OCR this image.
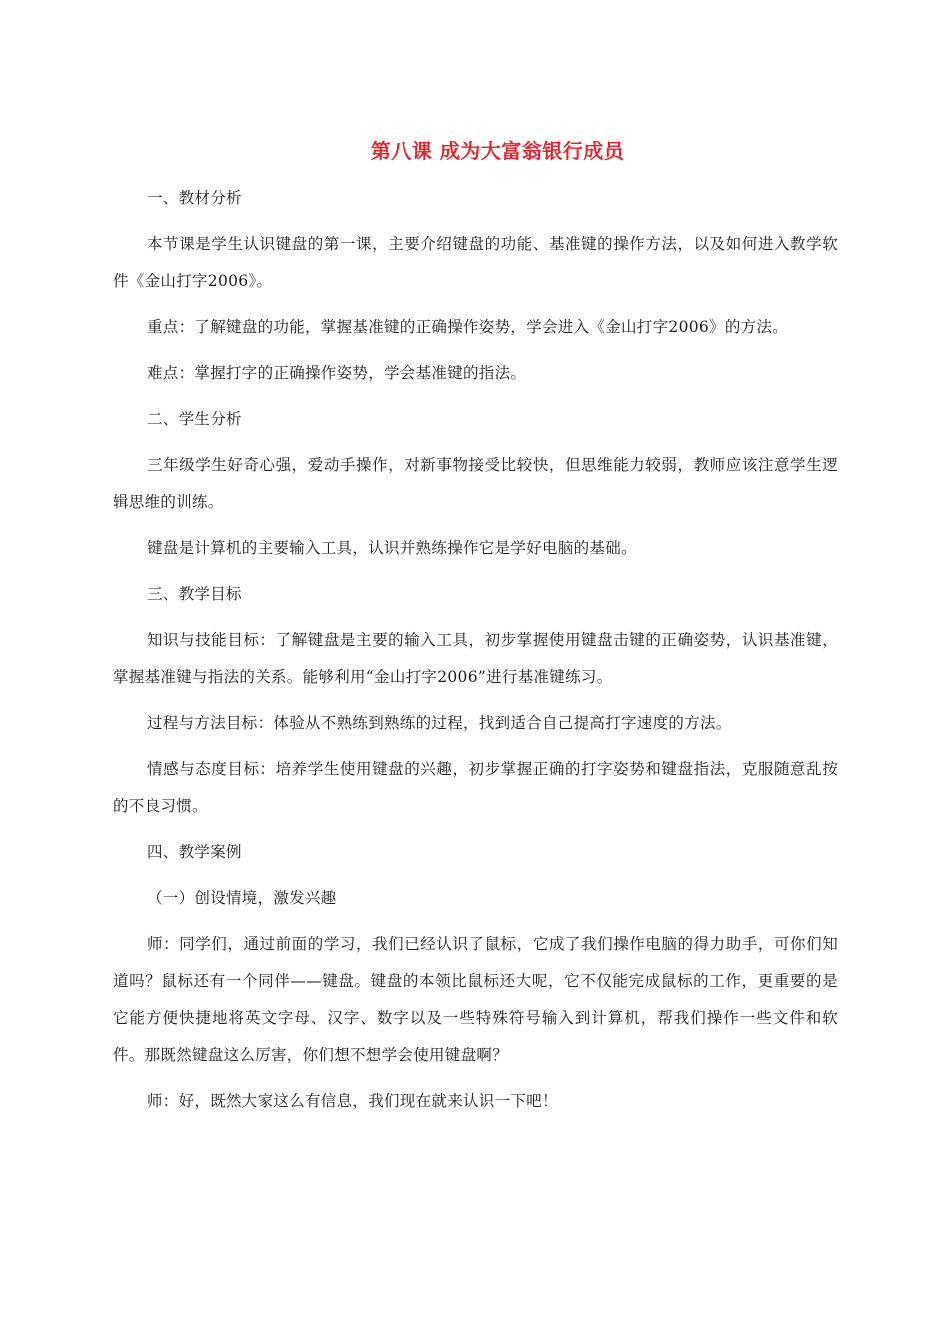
第八课 成为大富翁银行成员

一、教材分析

本节课是学生认识键盘的第一课，主要介绍键盘的功能、基准键的操作方法，以及如何进入教学软件《金山打字2006》。

重点：了解键盘的功能，掌握基准键的正确操作姿势，学会进入《金山打字2006》的方法。

难点：掌握打字的正确操作姿势，学会基准键的指法。

二、学生分析

三年级学生好奇心强，爱动手操作，对新事物接受比较快，但思维能力较弱，教师应该注意学生逻辑思维的训练。

键盘是计算机的主要输入工具，认识并熟练操作它是学好电脑的基础。

三、教学目标

知识与技能目标：了解键盘是主要的输入工具，初步掌握使用键盘击键的正确姿势，认识基准键，掌握基准键与指法的关系。能够利用“金山打字2006”进行基准键练习。

过程与方法目标：体验从不熟练到熟练的过程，找到适合自己提高打字速度的方法。

情感与态度目标：培养学生使用键盘的兴趣，初步掌握正确的打字姿势和键盘指法，克服随意乱按的不良习惯。

四、教学案例

（一）创设情境，激发兴趣

师：同学们，通过前面的学习，我们已经认识了鼠标，它成了我们操作电脑的得力助手，可你们知道吗？鼠标还有一个同伴——键盘。键盘的本领比鼠标还大呢，它不仅能完成鼠标的工作，更重要的是它能方便快捷地将英文字母、汉字、数字以及一些特殊符号输入到计算机，帮我们操作一些文件和软件。那既然键盘这么厉害，你们想不想学会使用键盘啊？

师：好，既然大家这么有信息，我们现在就来认识一下吧！
